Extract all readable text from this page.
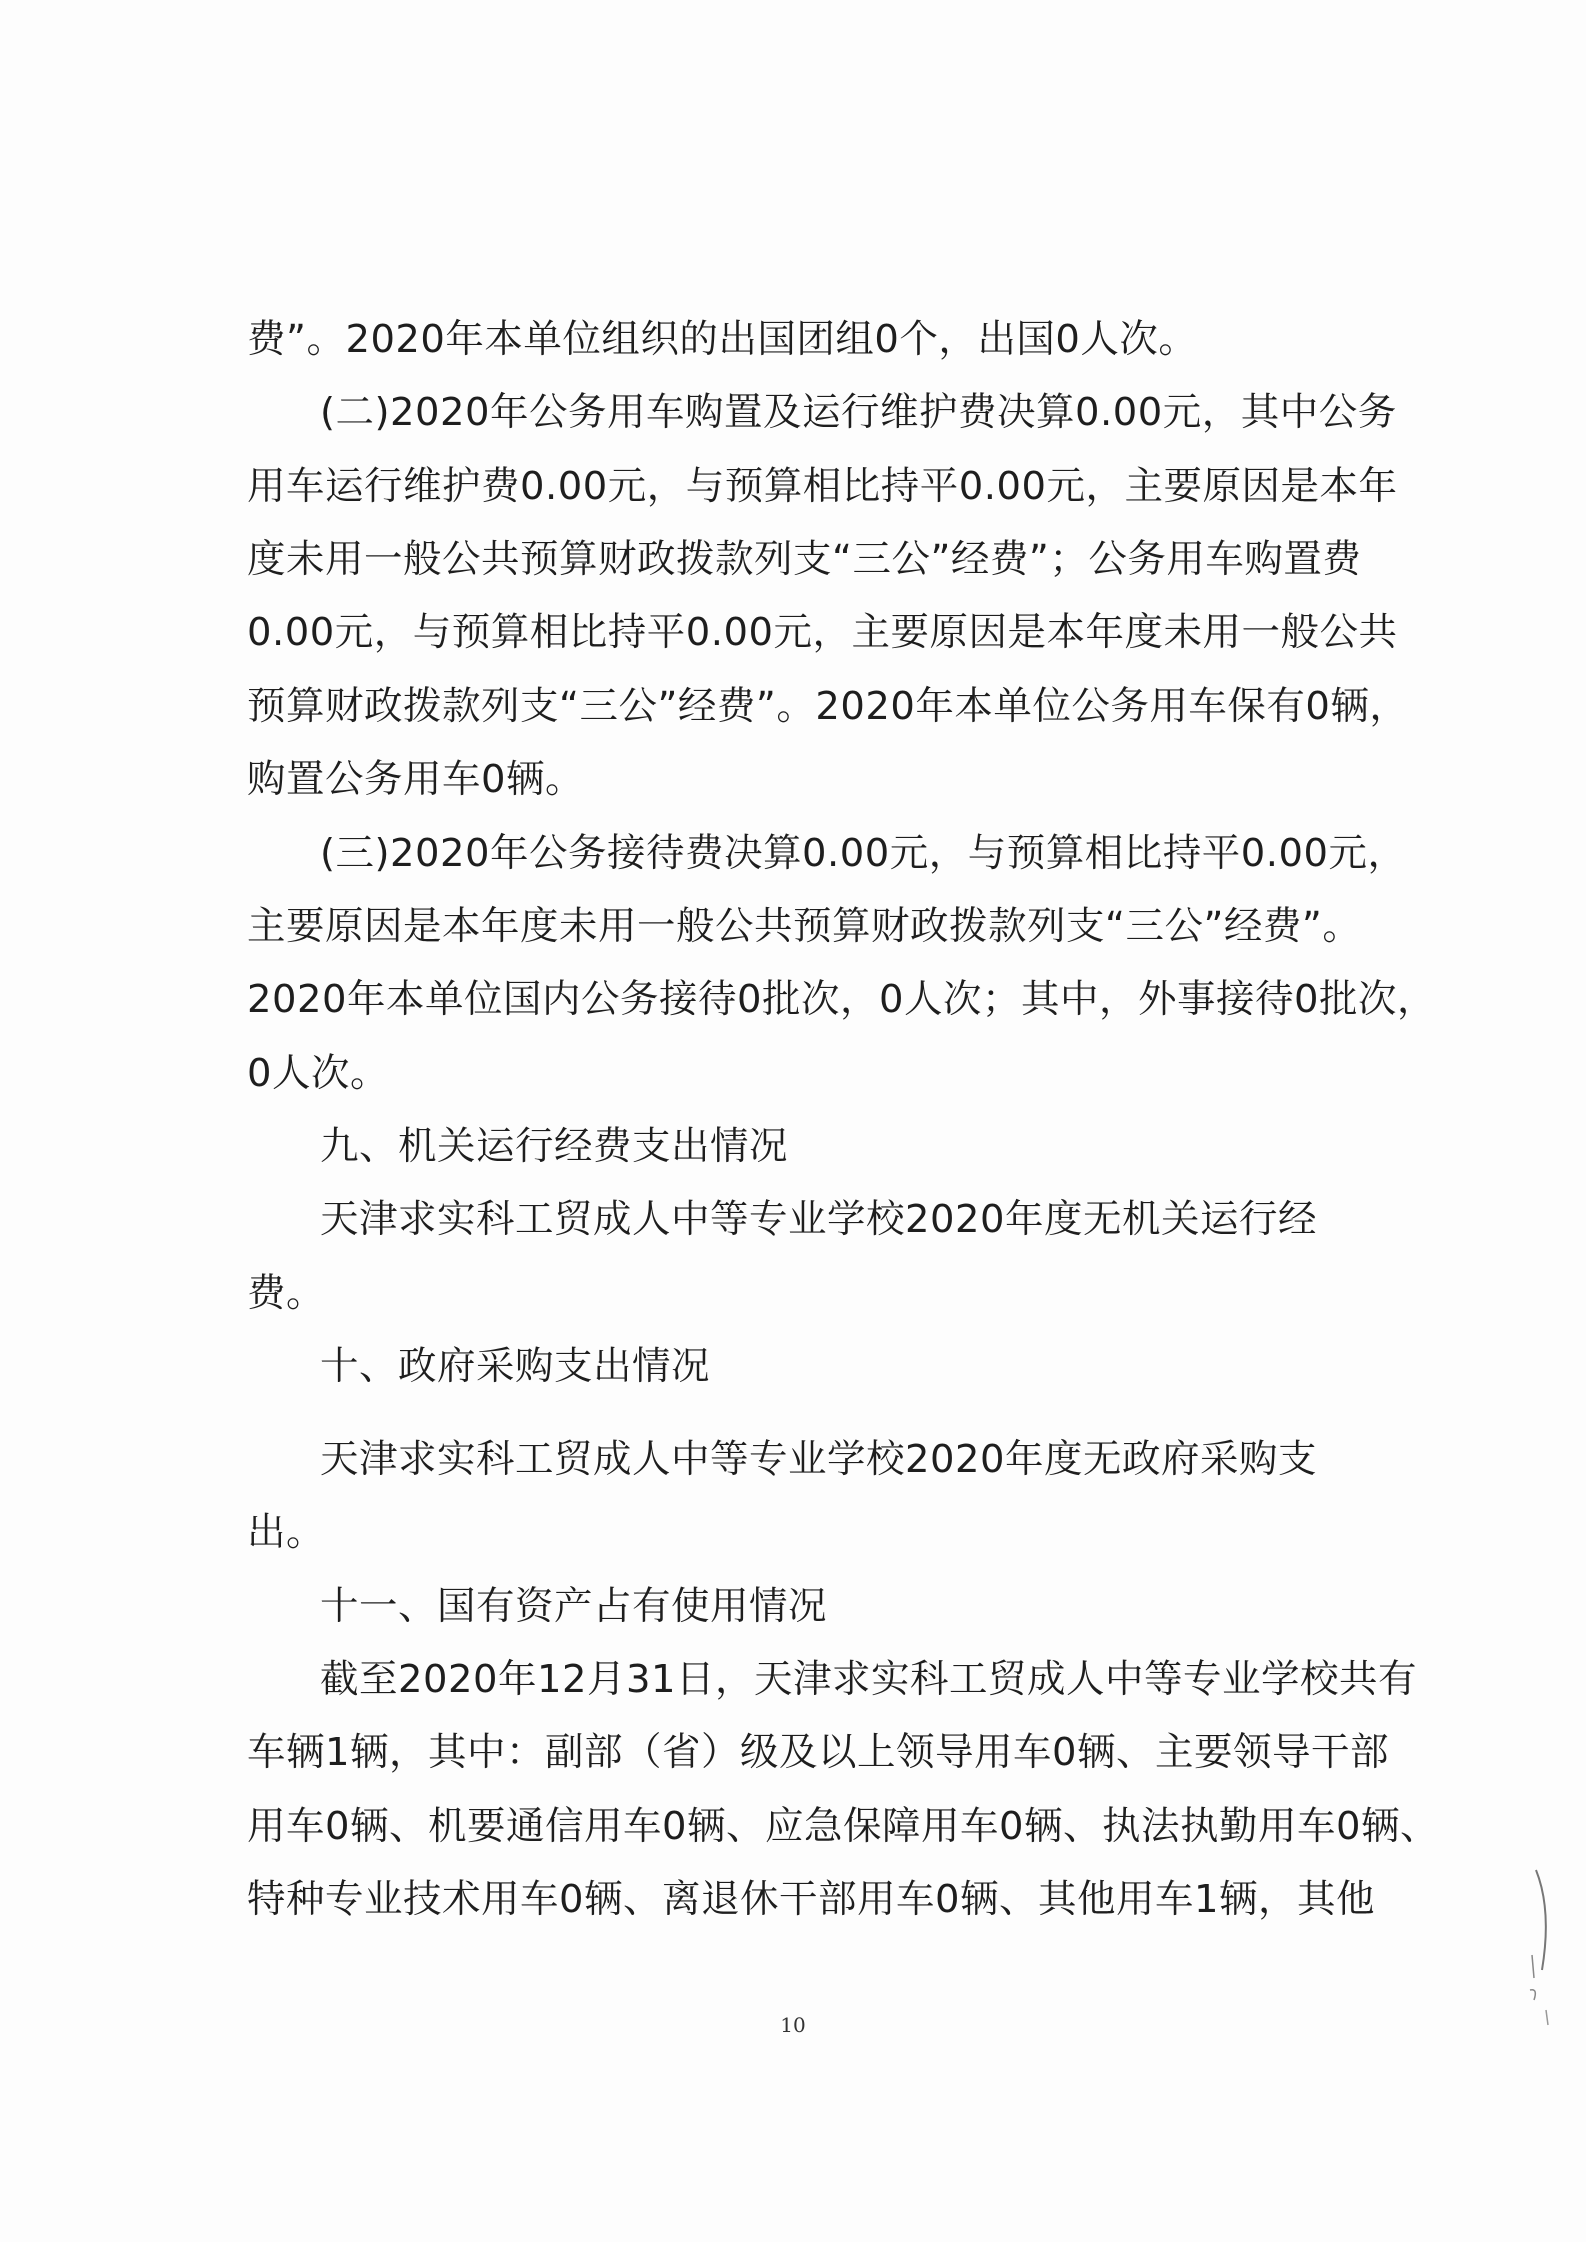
费”。2020年本单位组织的出国团组0个，出国0人次。
(二)2020年公务用车购置及运行维护费决算0.00元，其中公务
用车运行维护费0.00元，与预算相比持平0.00元，主要原因是本年
度未用一般公共预算财政拨款列支“三公”经费”；公务用车购置费
0.00元，与预算相比持平0.00元，主要原因是本年度未用一般公共
预算财政拨款列支“三公”经费”。2020年本单位公务用车保有0辆，
购置公务用车0辆。
(三)2020年公务接待费决算0.00元，与预算相比持平0.00元，
主要原因是本年度未用一般公共预算财政拨款列支“三公”经费”。
2020年本单位国内公务接待0批次，0人次；其中，外事接待0批次，
0人次。
九、机关运行经费支出情况
天津求实科工贸成人中等专业学校2020年度无机关运行经
费。
十、政府采购支出情况
天津求实科工贸成人中等专业学校2020年度无政府采购支
出。
十一、国有资产占有使用情况
截至2020年12月31日，天津求实科工贸成人中等专业学校共有
车辆1辆，其中：副部（省）级及以上领导用车0辆、主要领导干部
用车0辆、机要通信用车0辆、应急保障用车0辆、执法执勤用车0辆、
特种专业技术用车0辆、离退休干部用车0辆、其他用车1辆，其他
10
